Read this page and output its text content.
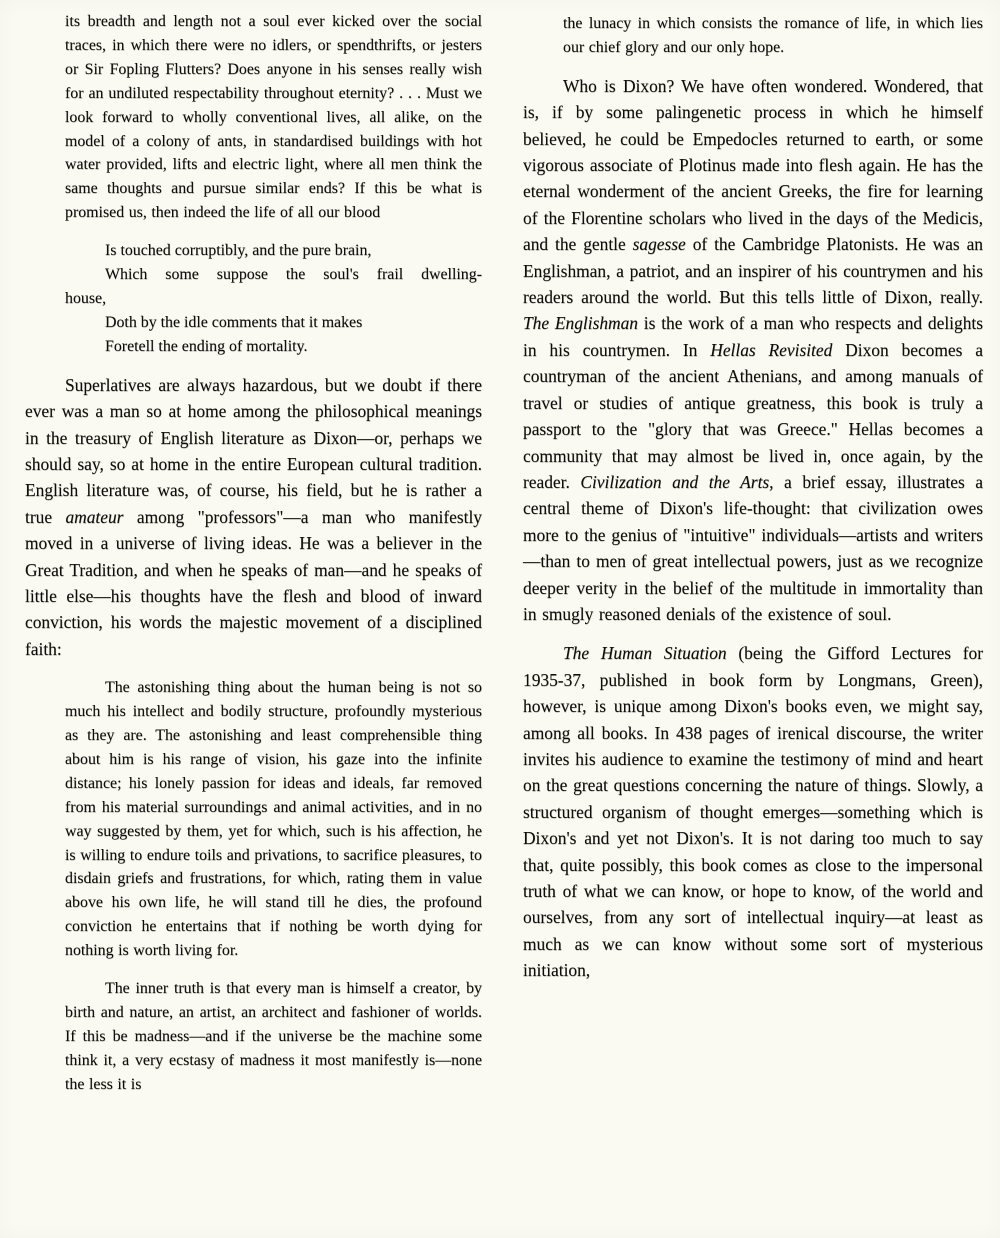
its breadth and length not a soul ever kicked over the social traces, in which there were no idlers, or spendthrifts, or jesters or Sir Fopling Flutters? Does anyone in his senses really wish for an undiluted respectability throughout eternity? . . . Must we look forward to wholly conventional lives, all alike, on the model of a colony of ants, in standardised buildings with hot water provided, lifts and electric light, where all men think the same thoughts and pursue similar ends? If this be what is promised us, then indeed the life of all our blood

Is touched corruptibly, and the pure brain,
Which some suppose the soul's frail dwelling-
house,
Doth by the idle comments that it makes
Foretell the ending of mortality.

Superlatives are always hazardous, but we doubt if there ever was a man so at home among the philosophical meanings in the treasury of English literature as Dixon—or, perhaps we should say, so at home in the entire European cultural tradition. English literature was, of course, his field, but he is rather a true amateur among "professors"—a man who manifestly moved in a universe of living ideas. He was a believer in the Great Tradition, and when he speaks of man—and he speaks of little else—his thoughts have the flesh and blood of inward conviction, his words the majestic movement of a disciplined faith:

The astonishing thing about the human being is not so much his intellect and bodily structure, profoundly mysterious as they are. The astonishing and least comprehensible thing about him is his range of vision, his gaze into the infinite distance; his lonely passion for ideas and ideals, far removed from his material surroundings and animal activities, and in no way suggested by them, yet for which, such is his affection, he is willing to endure toils and privations, to sacrifice pleasures, to disdain griefs and frustrations, for which, rating them in value above his own life, he will stand till he dies, the profound conviction he entertains that if nothing be worth dying for nothing is worth living for.

The inner truth is that every man is himself a creator, by birth and nature, an artist, an architect and fashioner of worlds. If this be madness—and if the universe be the machine some think it, a very ecstasy of madness it most manifestly is—none the less it is

the lunacy in which consists the romance of life, in which lies our chief glory and our only hope.

Who is Dixon? We have often wondered. Wondered, that is, if by some palingenetic process in which he himself believed, he could be Empedocles returned to earth, or some vigorous associate of Plotinus made into flesh again. He has the eternal wonderment of the ancient Greeks, the fire for learning of the Florentine scholars who lived in the days of the Medicis, and the gentle sagesse of the Cambridge Platonists. He was an Englishman, a patriot, and an inspirer of his countrymen and his readers around the world. But this tells little of Dixon, really. The Englishman is the work of a man who respects and delights in his countrymen. In Hellas Revisited Dixon becomes a countryman of the ancient Athenians, and among manuals of travel or studies of antique greatness, this book is truly a passport to the "glory that was Greece." Hellas becomes a community that may almost be lived in, once again, by the reader. Civilization and the Arts, a brief essay, illustrates a central theme of Dixon's life-thought: that civilization owes more to the genius of "intuitive" individuals—artists and writers—than to men of great intellectual powers, just as we recognize deeper verity in the belief of the multitude in immortality than in smugly reasoned denials of the existence of soul.

The Human Situation (being the Gifford Lectures for 1935-37, published in book form by Longmans, Green), however, is unique among Dixon's books even, we might say, among all books. In 438 pages of irenical discourse, the writer invites his audience to examine the testimony of mind and heart on the great questions concerning the nature of things. Slowly, a structured organism of thought emerges—something which is Dixon's and yet not Dixon's. It is not daring too much to say that, quite possibly, this book comes as close to the impersonal truth of what we can know, or hope to know, of the world and ourselves, from any sort of intellectual inquiry—at least as much as we can know without some sort of mysterious initiation,
